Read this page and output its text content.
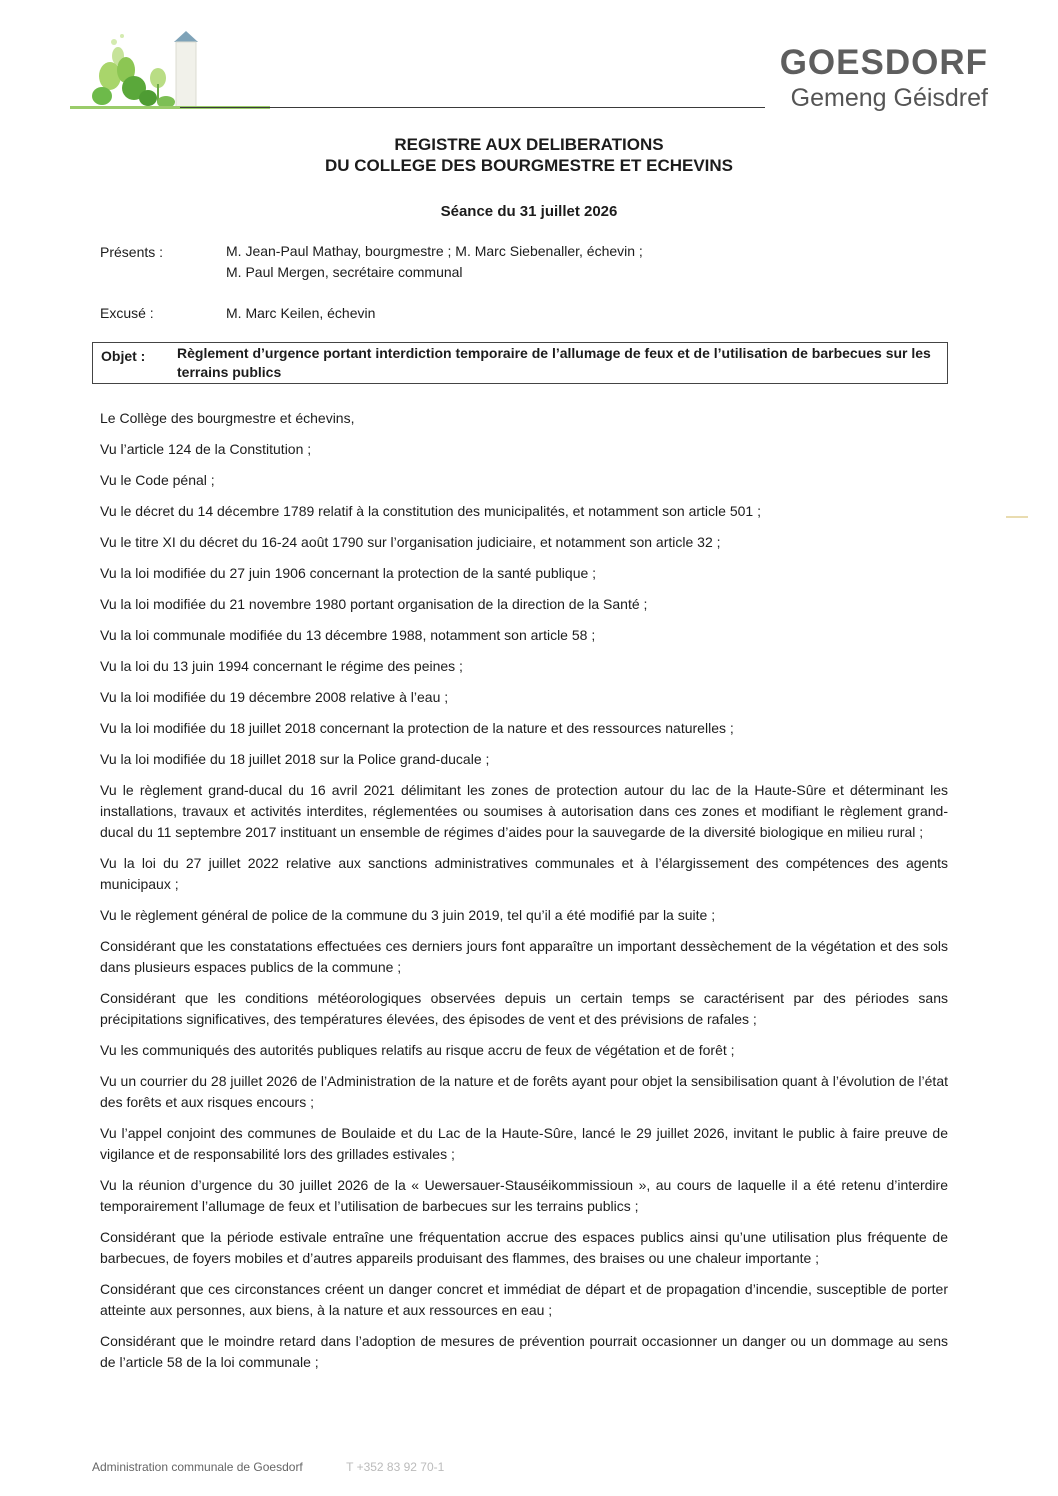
GOESDORF
Gemeng Géisdref
REGISTRE AUX DELIBERATIONS
DU COLLEGE DES BOURGMESTRE ET ECHEVINS
Séance du 31 juillet 2026
Présents :	M. Jean-Paul Mathay, bourgmestre ; M. Marc Siebenaller, échevin ;
M. Paul Mergen, secrétaire communal
Excusé :	M. Marc Keilen, échevin
Objet : Règlement d’urgence portant interdiction temporaire de l’allumage de feux et de l’utilisation de barbecues sur les terrains publics

Le Collège des bourgmestre et échevins,

Vu l’article 124 de la Constitution ;

Vu le Code pénal ;

Vu le décret du 14 décembre 1789 relatif à la constitution des municipalités, et notamment son article 501 ;

Vu le titre XI du décret du 16-24 août 1790 sur l’organisation judiciaire, et notamment son article 32 ;

Vu la loi modifiée du 27 juin 1906 concernant la protection de la santé publique ;

Vu la loi modifiée du 21 novembre 1980 portant organisation de la direction de la Santé ;

Vu la loi communale modifiée du 13 décembre 1988, notamment son article 58 ;

Vu la loi du 13 juin 1994 concernant le régime des peines ;

Vu la loi modifiée du 19 décembre 2008 relative à l’eau ;

Vu la loi modifiée du 18 juillet 2018 concernant la protection de la nature et des ressources naturelles ;

Vu la loi modifiée du 18 juillet 2018 sur la Police grand-ducale ;

Vu le règlement grand-ducal du 16 avril 2021 délimitant les zones de protection autour du lac de la Haute-Sûre et déterminant les installations, travaux et activités interdites, réglementées ou soumises à autorisation dans ces zones et modifiant le règlement grand-ducal du 11 septembre 2017 instituant un ensemble de régimes d’aides pour la sauvegarde de la diversité biologique en milieu rural ;

Vu la loi du 27 juillet 2022 relative aux sanctions administratives communales et à l’élargissement des compétences des agents municipaux ;

Vu le règlement général de police de la commune du 3 juin 2019, tel qu’il a été modifié par la suite ;

Considérant que les constatations effectuées ces derniers jours font apparaître un important dessèchement de la végétation et des sols dans plusieurs espaces publics de la commune ;

Considérant que les conditions météorologiques observées depuis un certain temps se caractérisent par des périodes sans précipitations significatives, des températures élevées, des épisodes de vent et des prévisions de rafales ;

Vu les communiqués des autorités publiques relatifs au risque accru de feux de végétation et de forêt ;

Vu un courrier du 28 juillet 2026 de l’Administration de la nature et de forêts ayant pour objet la sensibilisation quant à l’évolution de l’état des forêts et aux risques encours ;

Vu l’appel conjoint des communes de Boulaide et du Lac de la Haute-Sûre, lancé le 29 juillet 2026, invitant le public à faire preuve de vigilance et de responsabilité lors des grillades estivales ;

Vu la réunion d’urgence du 30 juillet 2026 de la « Uewersauer-Stauséikommissioun », au cours de laquelle il a été retenu d’interdire temporairement l’allumage de feux et l’utilisation de barbecues sur les terrains publics ;

Considérant que la période estivale entraîne une fréquentation accrue des espaces publics ainsi qu’une utilisation plus fréquente de barbecues, de foyers mobiles et d’autres appareils produisant des flammes, des braises ou une chaleur importante ;

Considérant que ces circonstances créent un danger concret et immédiat de départ et de propagation d’incendie, susceptible de porter atteinte aux personnes, aux biens, à la nature et aux ressources en eau ;

Considérant que le moindre retard dans l’adoption de mesures de prévention pourrait occasionner un danger ou un dommage au sens de l’article 58 de la loi communale ;

Administration communale de Goesdorf	T +352 83 92 70-1
